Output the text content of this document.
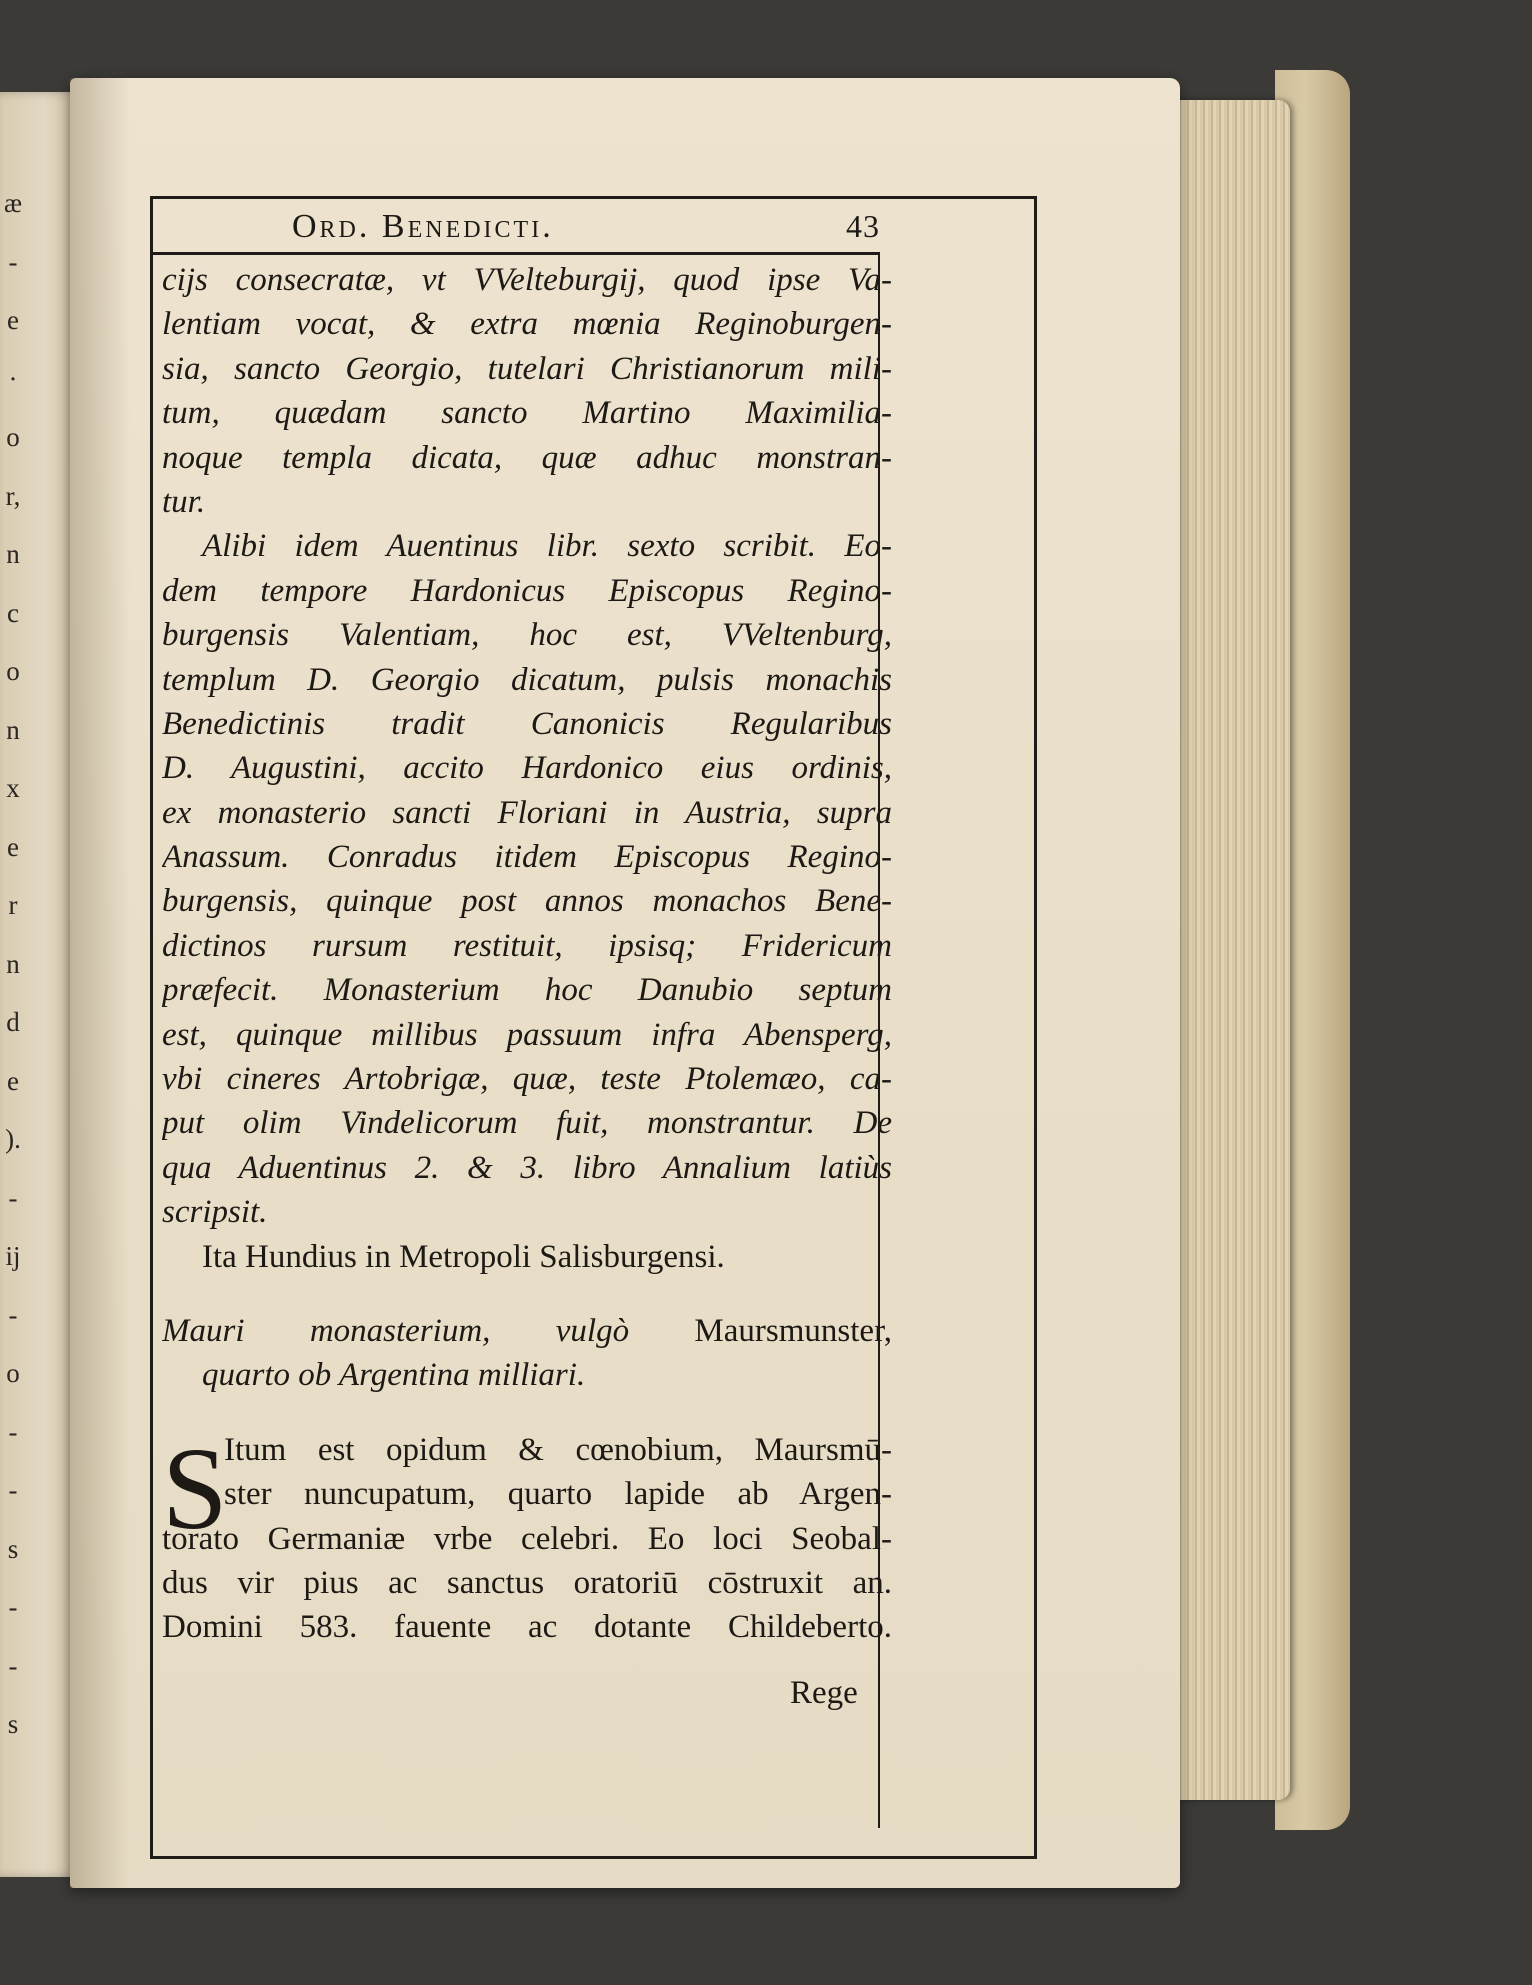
æ
-
e
·
o
r,
n
c
o
n
x
e
r
n
d
e
).
-
ij
-
o
-
-
s
-
-
s
Ord. Benedicti.	43
cijs consecratæ, vt VVelteburgij, quod ipse Va-
lentiam vocat, & extra mœnia Reginoburgen-
sia, sancto Georgio, tutelari Christianorum mili-
tum, quædam sancto Martino Maximilia-
noque templa dicata, quæ adhuc monstran-
tur.
Alibi idem Auentinus libr. sexto scribit. Eo-
dem tempore Hardonicus Episcopus Regino-
burgensis Valentiam, hoc est, VVeltenburg,
templum D. Georgio dicatum, pulsis monachis
Benedictinis tradit Canonicis Regularibus
D. Augustini, accito Hardonico eius ordinis,
ex monasterio sancti Floriani in Austria, supra
Anassum. Conradus itidem Episcopus Regino-
burgensis, quinque post annos monachos Bene-
dictinos rursum restituit, ipsisq; Fridericum
præfecit. Monasterium hoc Danubio septum
est, quinque millibus passuum infra Abensperg,
vbi cineres Artobrigæ, quæ, teste Ptolemæo, ca-
put olim Vindelicorum fuit, monstrantur. De
qua Aduentinus 2. & 3. libro Annalium latiùs
scripsit.
Ita Hundius in Metropoli Salisburgensi.
Mauri monasterium, vulgò Maursmunster,
quarto ob Argentina milliari.
S
Itum est opidum & cœnobium, Maursmū-
ster nuncupatum, quarto lapide ab Argen-
torato Germaniæ vrbe celebri. Eo loci Seobal-
dus vir pius ac sanctus oratoriū cōstruxit an.
Domini 583. fauente ac dotante Childeberto.
Rege
